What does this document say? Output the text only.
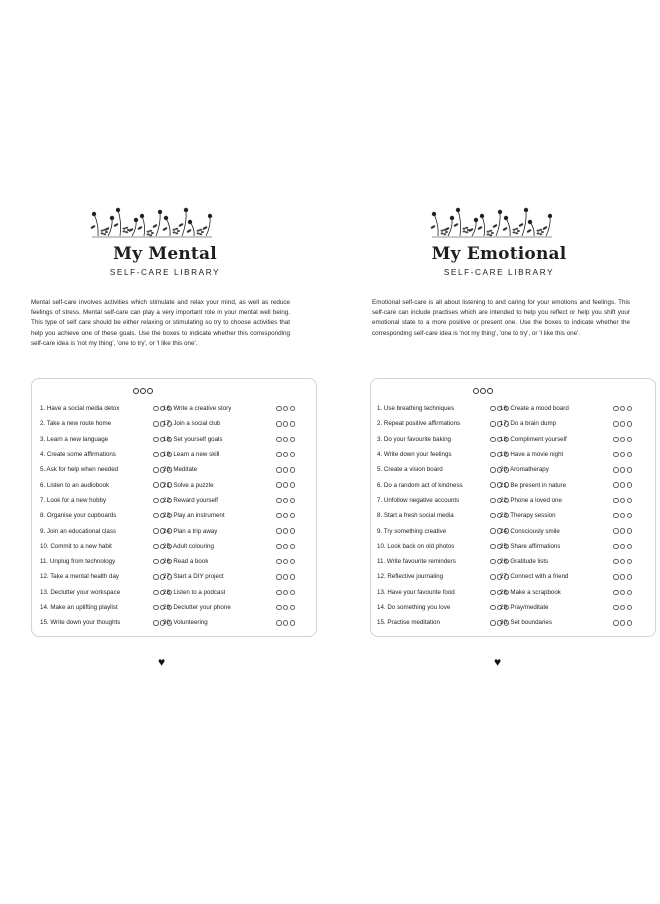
My Mental
SELF-CARE LIBRARY
Mental self-care involves activities which stimulate and relax your mind, as well as reduce feelings of stress. Mental self-care can play a very important role in your mental well being. This type of self care should be either relaxing or stimulating so try to choose activities that help you achieve one of these goals. Use the boxes to indicate whether this corresponding self-care idea is 'not my thing', 'one to try', or 'I like this one'.
1. Have a social media detox
2. Take a new route home
3. Learn a new language
4. Create some affirmations
5. Ask for help when needed
6. Listen to an audiobook
7. Look for a new hobby
8. Organise your cupboards
9. Join an educational class
10. Commit to a new habit
11. Unplug from technology
12. Take a mental health day
13. Declutter your workspace
14. Make an uplifting playlist
15. Write down your thoughts
16. Write a creative story
17. Join a social club
18. Set yourself goals
19. Learn a new skill
20. Meditate
21. Solve a puzzle
22. Reward yourself
23. Play an instrument
24. Plan a trip away
25. Adult colouring
26. Read a book
27. Start a DIY project
28. Listen to a podcast
29. Declutter your phone
30. Volunteering
♥
My Emotional
SELF-CARE LIBRARY
Emotional self-care is all about listening to and caring for your emotions and feelings. This self-care can include practises which are intended to help you reflect or help you shift your emotional state to a more positive or present one. Use the boxes to indicate whether the corresponding self-care idea is 'not my thing', 'one to try', or 'I like this one'.
1. Use breathing techniques
2. Repeat positive affirmations
3. Do your favourite baking
4. Write down your feelings
5. Create a vision board
6. Do a random act of kindness
7. Unfollow negative accounts
8. Start a fresh social media
9. Try something creative
10. Look back on old photos
11. Write favourite reminders
12. Reflective journaling
13. Have your favourite food
14. Do something you love
15. Practise meditation
16. Create a mood board
17. Do a brain dump
18. Compliment yourself
19. Have a movie night
20. Aromatherapy
21. Be present in nature
22. Phone a loved one
23. Therapy session
24. Consciously smile
25. Share affirmations
26. Gratitude lists
27. Connect with a friend
28. Make a scrapbook
29. Pray/meditate
30. Set boundaries
♥
